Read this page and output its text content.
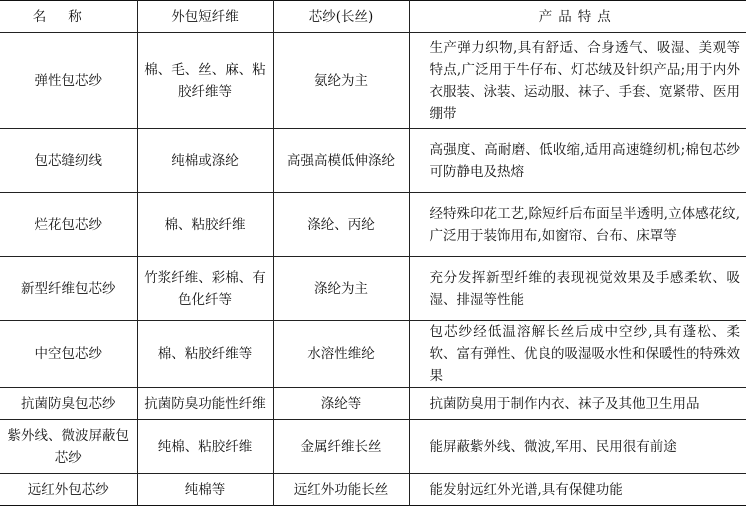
名称	外包短纤维	芯纱(长丝)	产品特点
弹性包芯纱	棉、毛、丝、麻、粘胶纤维等	氨纶为主	生产弹力织物,具有舒适、合身透气、吸湿、美观等特点,广泛用于牛仔布、灯芯绒及针织产品;用于内外衣服装、泳装、运动服、袜子、手套、宽紧带、医用绷带
包芯缝纫线	纯棉或涤纶	高强高模低伸涤纶	高强度、高耐磨、低收缩,适用高速缝纫机;棉包芯纱可防静电及热熔
烂花包芯纱	棉、粘胶纤维	涤纶、丙纶	经特殊印花工艺,除短纤后布面呈半透明,立体感花纹,广泛用于装饰用布,如窗帘、台布、床罩等
新型纤维包芯纱	竹浆纤维、彩棉、有色化纤等	涤纶为主	充分发挥新型纤维的表现视觉效果及手感柔软、吸湿、排湿等性能
中空包芯纱	棉、粘胶纤维等	水溶性维纶	包芯纱经低温溶解长丝后成中空纱,具有蓬松、柔软、富有弹性、优良的吸湿吸水性和保暖性的特殊效果
抗菌防臭包芯纱	抗菌防臭功能性纤维	涤纶等	抗菌防臭用于制作内衣、袜子及其他卫生用品
紫外线、微波屏蔽包芯纱	纯棉、粘胶纤维	金属纤维长丝	能屏蔽紫外线、微波,军用、民用很有前途
远红外包芯纱	纯棉等	远红外功能长丝	能发射远红外光谱,具有保健功能
